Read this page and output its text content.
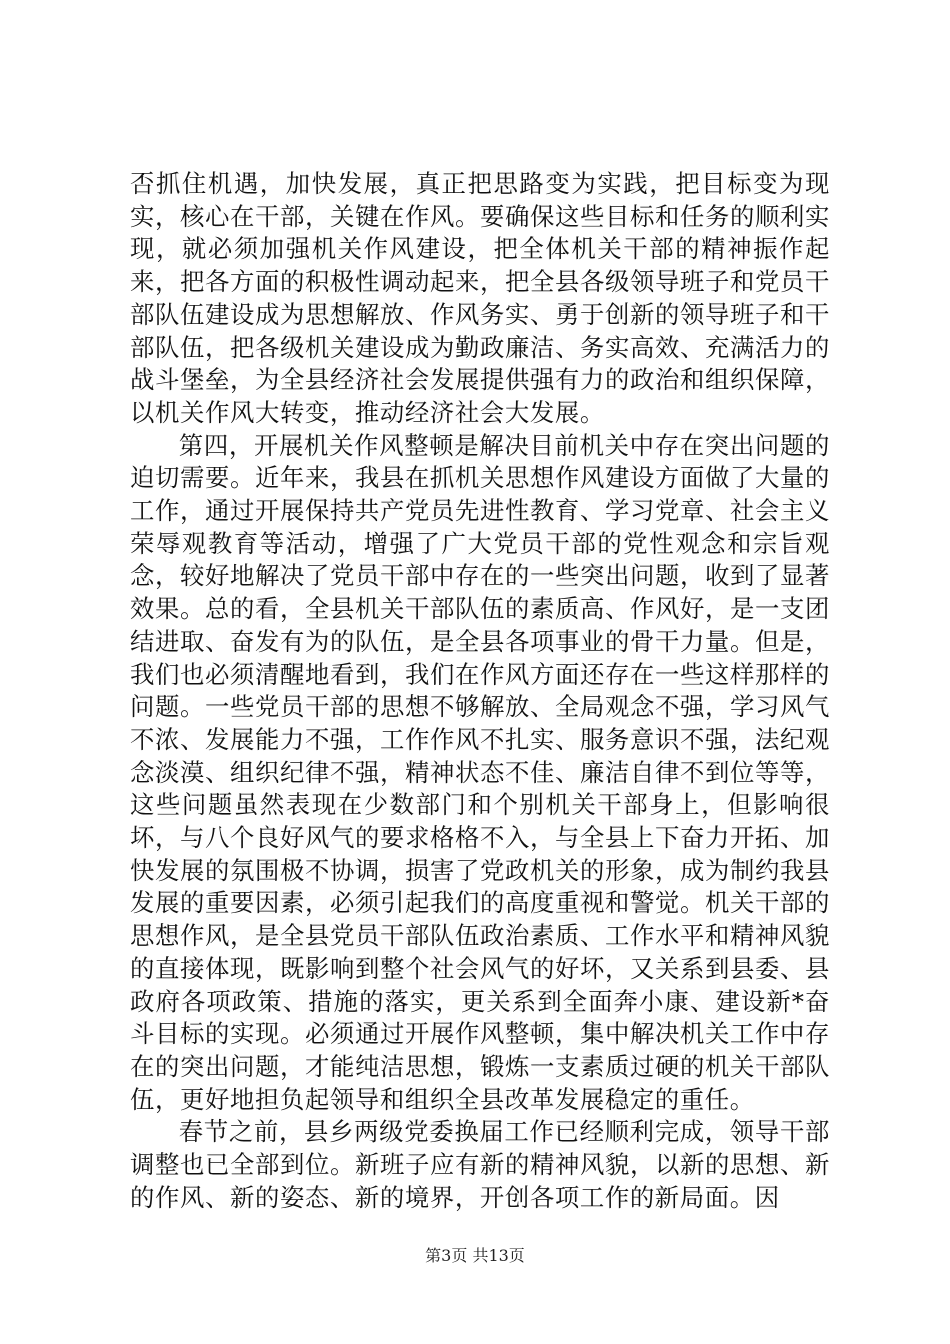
否抓住机遇，加快发展，真正把思路变为实践，把目标变为现实，核心在干部，关键在作风。要确保这些目标和任务的顺利实现，就必须加强机关作风建设，把全体机关干部的精神振作起来，把各方面的积极性调动起来，把全县各级领导班子和党员干部队伍建设成为思想解放、作风务实、勇于创新的领导班子和干部队伍，把各级机关建设成为勤政廉洁、务实高效、充满活力的战斗堡垒，为全县经济社会发展提供强有力的政治和组织保障，以机关作风大转变，推动经济社会大发展。

第四，开展机关作风整顿是解决目前机关中存在突出问题的迫切需要。近年来，我县在抓机关思想作风建设方面做了大量的工作，通过开展保持共产党员先进性教育、学习党章、社会主义荣辱观教育等活动，增强了广大党员干部的党性观念和宗旨观念，较好地解决了党员干部中存在的一些突出问题，收到了显著效果。总的看，全县机关干部队伍的素质高、作风好，是一支团结进取、奋发有为的队伍，是全县各项事业的骨干力量。但是，我们也必须清醒地看到，我们在作风方面还存在一些这样那样的问题。一些党员干部的思想不够解放、全局观念不强，学习风气不浓、发展能力不强，工作作风不扎实、服务意识不强，法纪观念淡漠、组织纪律不强，精神状态不佳、廉洁自律不到位等等，这些问题虽然表现在少数部门和个别机关干部身上，但影响很坏，与八个良好风气的要求格格不入，与全县上下奋力开拓、加快发展的氛围极不协调，损害了党政机关的形象，成为制约我县发展的重要因素，必须引起我们的高度重视和警觉。机关干部的思想作风，是全县党员干部队伍政治素质、工作水平和精神风貌的直接体现，既影响到整个社会风气的好坏，又关系到县委、县政府各项政策、措施的落实，更关系到全面奔小康、建设新*奋斗目标的实现。必须通过开展作风整顿，集中解决机关工作中存在的突出问题，才能纯洁思想，锻炼一支素质过硬的机关干部队伍，更好地担负起领导和组织全县改革发展稳定的重任。

春节之前，县乡两级党委换届工作已经顺利完成，领导干部调整也已全部到位。新班子应有新的精神风貌，以新的思想、新的作风、新的姿态、新的境界，开创各项工作的新局面。因

第3页 共13页
